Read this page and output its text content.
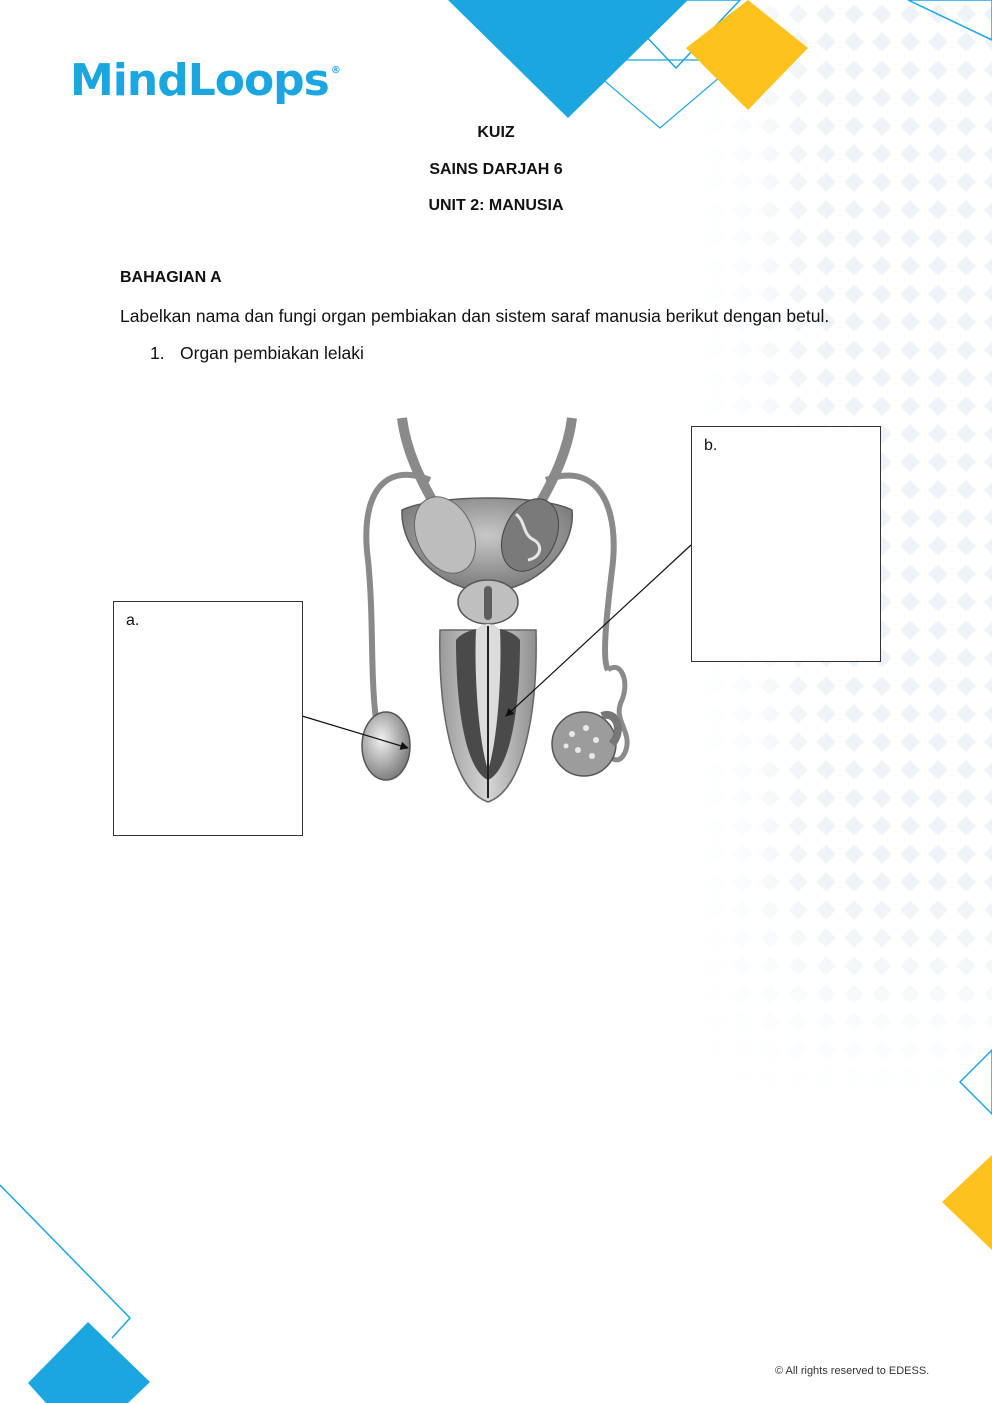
MindLoops ®
KUIZ
SAINS DARJAH 6
UNIT 2: MANUSIA
BAHAGIAN A
Labelkan nama dan fungi organ pembiakan dan sistem saraf manusia berikut dengan betul.
1. Organ pembiakan lelaki
a.
b.
© All rights reserved to EDESS.
